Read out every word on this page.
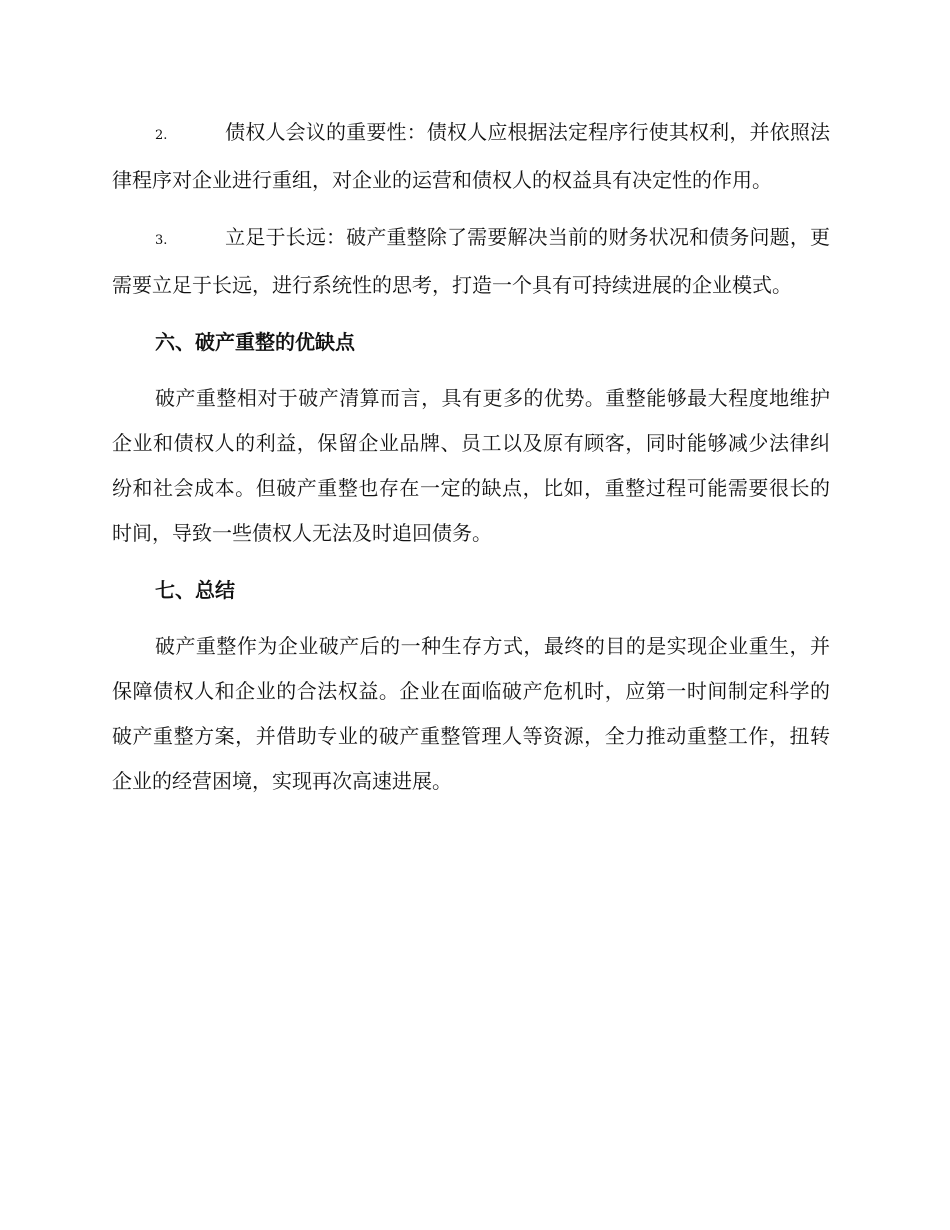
2.	债权人会议的重要性：债权人应根据法定程序行使其权利，并依照法律程序对企业进行重组，对企业的运营和债权人的权益具有决定性的作用。

3.	立足于长远：破产重整除了需要解决当前的财务状况和债务问题，更需要立足于长远，进行系统性的思考，打造一个具有可持续进展的企业模式。

六、破产重整的优缺点

破产重整相对于破产清算而言，具有更多的优势。重整能够最大程度地维护企业和债权人的利益，保留企业品牌、员工以及原有顾客，同时能够减少法律纠纷和社会成本。但破产重整也存在一定的缺点，比如，重整过程可能需要很长的时间，导致一些债权人无法及时追回债务。

七、总结

破产重整作为企业破产后的一种生存方式，最终的目的是实现企业重生，并保障债权人和企业的合法权益。企业在面临破产危机时，应第一时间制定科学的破产重整方案，并借助专业的破产重整管理人等资源，全力推动重整工作，扭转企业的经营困境，实现再次高速进展。
